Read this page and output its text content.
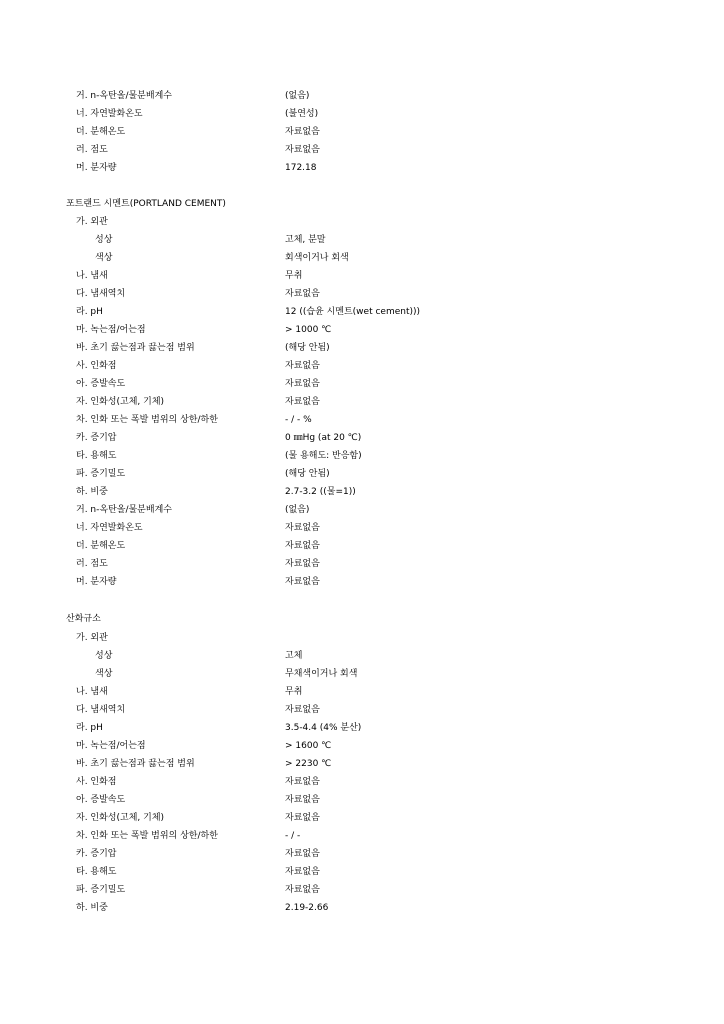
거. n-옥탄올/물분배계수	(없음)
너. 자연발화온도	(불연성)
더. 분해온도	자료없음
러. 점도	자료없음
머. 분자량	172.18
포트랜드 시멘트(PORTLAND CEMENT)
가. 외관
성상	고체, 분말
색상	회색이거나 회색
나. 냄새	무취
다. 냄새역치	자료없음
라. pH	12 ((습윤 시멘트(wet cement)))
마. 녹는점/어는점	> 1000 ℃
바. 초기 끓는점과 끓는점 범위	(해당 안됨)
사. 인화점	자료없음
아. 증발속도	자료없음
자. 인화성(고체, 기체)	자료없음
차. 인화 또는 폭발 범위의 상한/하한	- / - %
카. 증기압	0 ㎜Hg (at 20 ℃)
타. 용해도	(물 용해도: 반응함)
파. 증기밀도	(해당 안됨)
하. 비중	2.7-3.2 ((물=1))
거. n-옥탄올/물분배계수	(없음)
너. 자연발화온도	자료없음
더. 분해온도	자료없음
러. 점도	자료없음
머. 분자량	자료없음
산화규소
가. 외관
성상	고체
색상	무채색이거나 회색
나. 냄새	무취
다. 냄새역치	자료없음
라. pH	3.5-4.4 (4% 분산)
마. 녹는점/어는점	> 1600 ℃
바. 초기 끓는점과 끓는점 범위	> 2230 ℃
사. 인화점	자료없음
아. 증발속도	자료없음
자. 인화성(고체, 기체)	자료없음
차. 인화 또는 폭발 범위의 상한/하한	- / -
카. 증기압	자료없음
타. 용해도	자료없음
파. 증기밀도	자료없음
하. 비중	2.19-2.66
